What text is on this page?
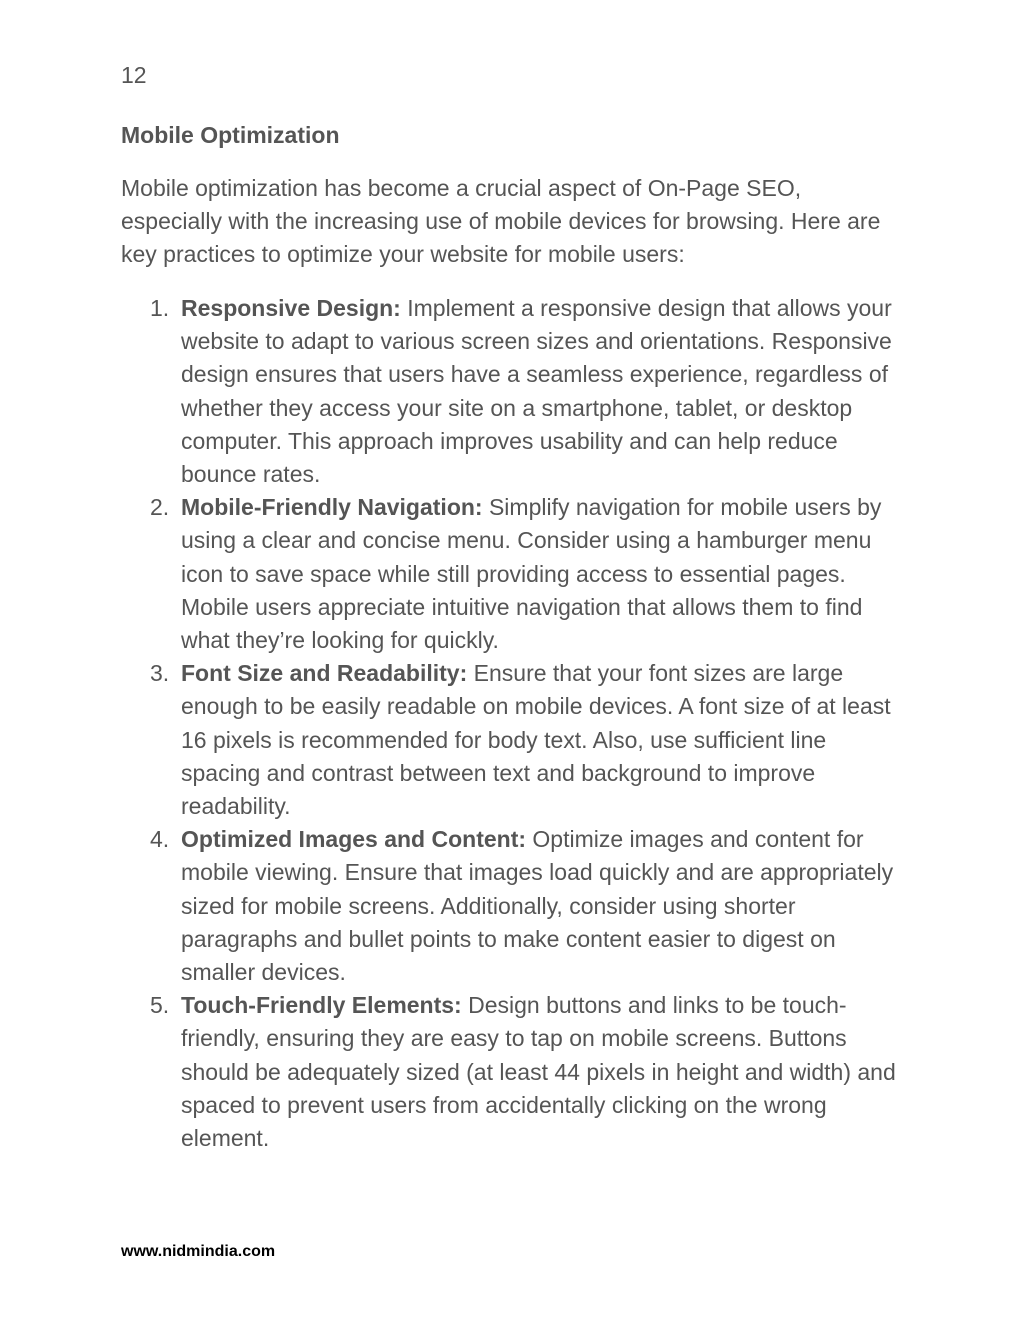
12
Mobile Optimization

Mobile optimization has become a crucial aspect of On-Page SEO, especially with the increasing use of mobile devices for browsing. Here are key practices to optimize your website for mobile users:

1. Responsive Design: Implement a responsive design that allows your website to adapt to various screen sizes and orientations. Responsive design ensures that users have a seamless experience, regardless of whether they access your site on a smartphone, tablet, or desktop computer. This approach improves usability and can help reduce bounce rates.
2. Mobile-Friendly Navigation: Simplify navigation for mobile users by using a clear and concise menu. Consider using a hamburger menu icon to save space while still providing access to essential pages. Mobile users appreciate intuitive navigation that allows them to find what they’re looking for quickly.
3. Font Size and Readability: Ensure that your font sizes are large enough to be easily readable on mobile devices. A font size of at least 16 pixels is recommended for body text. Also, use sufficient line spacing and contrast between text and background to improve readability.
4. Optimized Images and Content: Optimize images and content for mobile viewing. Ensure that images load quickly and are appropriately sized for mobile screens. Additionally, consider using shorter paragraphs and bullet points to make content easier to digest on smaller devices.
5. Touch-Friendly Elements: Design buttons and links to be touch-friendly, ensuring they are easy to tap on mobile screens. Buttons should be adequately sized (at least 44 pixels in height and width) and spaced to prevent users from accidentally clicking on the wrong element.
www.nidmindia.com
